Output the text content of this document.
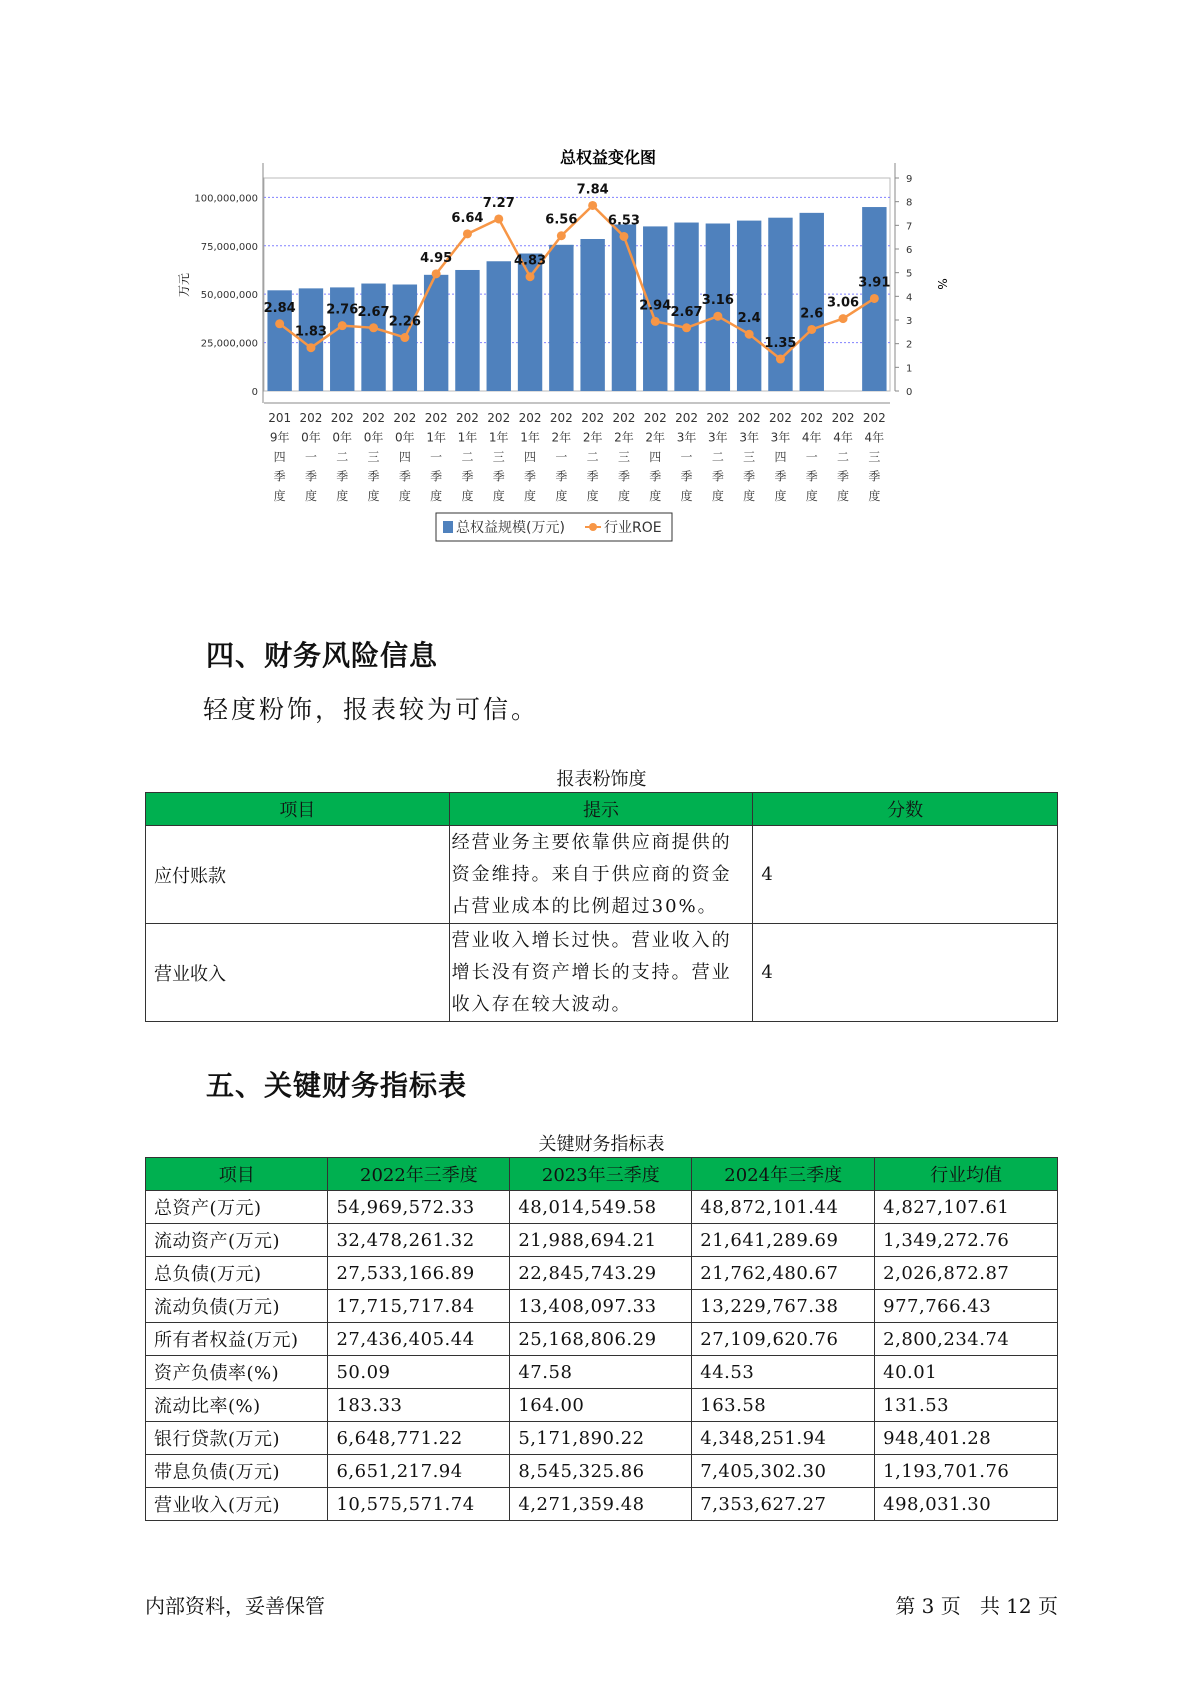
总权益变化图
万元	%
0
25,000,000
50,000,000
75,000,000
100,000,000
0
1
2
3
4
5
6
7
8
9
201
9年
四
季
度
202
0年
一
季
度
202
0年
二
季
度
202
0年
三
季
度
202
0年
四
季
度
202
1年
一
季
度
202
1年
二
季
度
202
1年
三
季
度
202
1年
四
季
度
202
2年
一
季
度
202
2年
二
季
度
202
2年
三
季
度
202
2年
四
季
度
202
3年
一
季
度
202
3年
二
季
度
202
3年
三
季
度
202
3年
四
季
度
202
4年
一
季
度
202
4年
二
季
度
202
4年
三
季
度
2.84
1.83
2.76 2.67
2.26
4.95
6.64
7.27
4.83
6.56
7.84
6.53
2.94 2.67
3.16
2.4
1.35
2.6
3.06
3.91
总权益规模(万元)	行业ROE
四、财务风险信息
轻度粉饰，报表较为可信。
报表粉饰度
项目	提示	分数
应付账款	经营业务主要依靠供应商提供的资金维持。来自于供应商的资金占营业成本的比例超过30%。	4
营业收入	营业收入增长过快。营业收入的增长没有资产增长的支持。营业收入存在较大波动。	4
五、关键财务指标表
关键财务指标表
项目	2022年三季度	2023年三季度	2024年三季度	行业均值
总资产(万元)	54,969,572.33	48,014,549.58	48,872,101.44	4,827,107.61
流动资产(万元)	32,478,261.32	21,988,694.21	21,641,289.69	1,349,272.76
总负债(万元)	27,533,166.89	22,845,743.29	21,762,480.67	2,026,872.87
流动负债(万元)	17,715,717.84	13,408,097.33	13,229,767.38	977,766.43
所有者权益(万元)	27,436,405.44	25,168,806.29	27,109,620.76	2,800,234.74
资产负债率(%)	50.09	47.58	44.53	40.01
流动比率(%)	183.33	164.00	163.58	131.53
银行贷款(万元)	6,648,771.22	5,171,890.22	4,348,251.94	948,401.28
带息负债(万元)	6,651,217.94	8,545,325.86	7,405,302.30	1,193,701.76
营业收入(万元)	10,575,571.74	4,271,359.48	7,353,627.27	498,031.30
内部资料，妥善保管	第 3 页   共 12 页
